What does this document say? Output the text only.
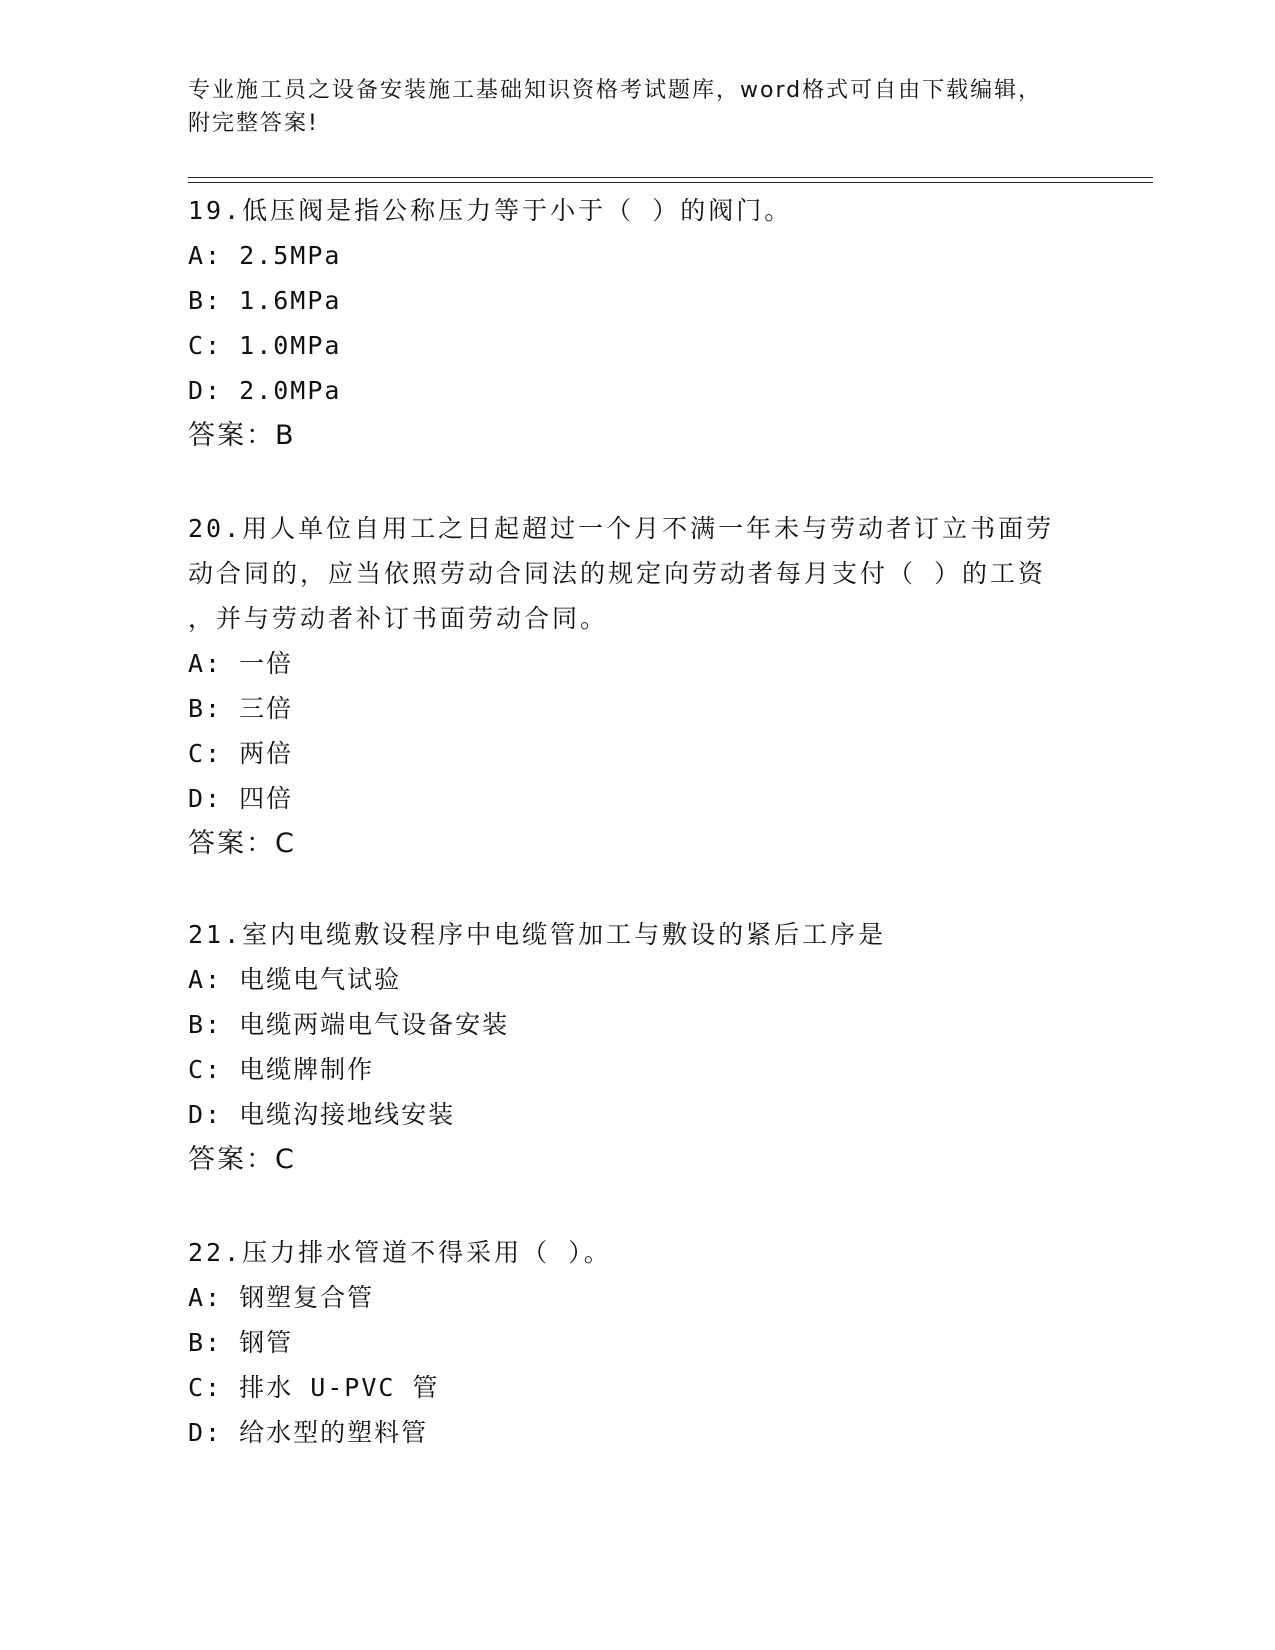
专业施工员之设备安装施工基础知识资格考试题库，word格式可自由下载编辑，
附完整答案!

19.低压阀是指公称压力等于小于（ ）的阀门。

A: 2.5MPa

B: 1.6MPa

C: 1.0MPa

D: 2.0MPa

答案：B

20.用人单位自用工之日起超过一个月不满一年未与劳动者订立书面劳

动合同的，应当依照劳动合同法的规定向劳动者每月支付（ ）的工资

，并与劳动者补订书面劳动合同。

A: 一倍

B: 三倍

C: 两倍

D: 四倍

答案：C

21.室内电缆敷设程序中电缆管加工与敷设的紧后工序是

A: 电缆电气试验

B: 电缆两端电气设备安装

C: 电缆牌制作

D: 电缆沟接地线安装

答案：C

22.压力排水管道不得采用（ ）。

A: 钢塑复合管

B: 钢管

C: 排水 U-PVC 管

D: 给水型的塑料管
